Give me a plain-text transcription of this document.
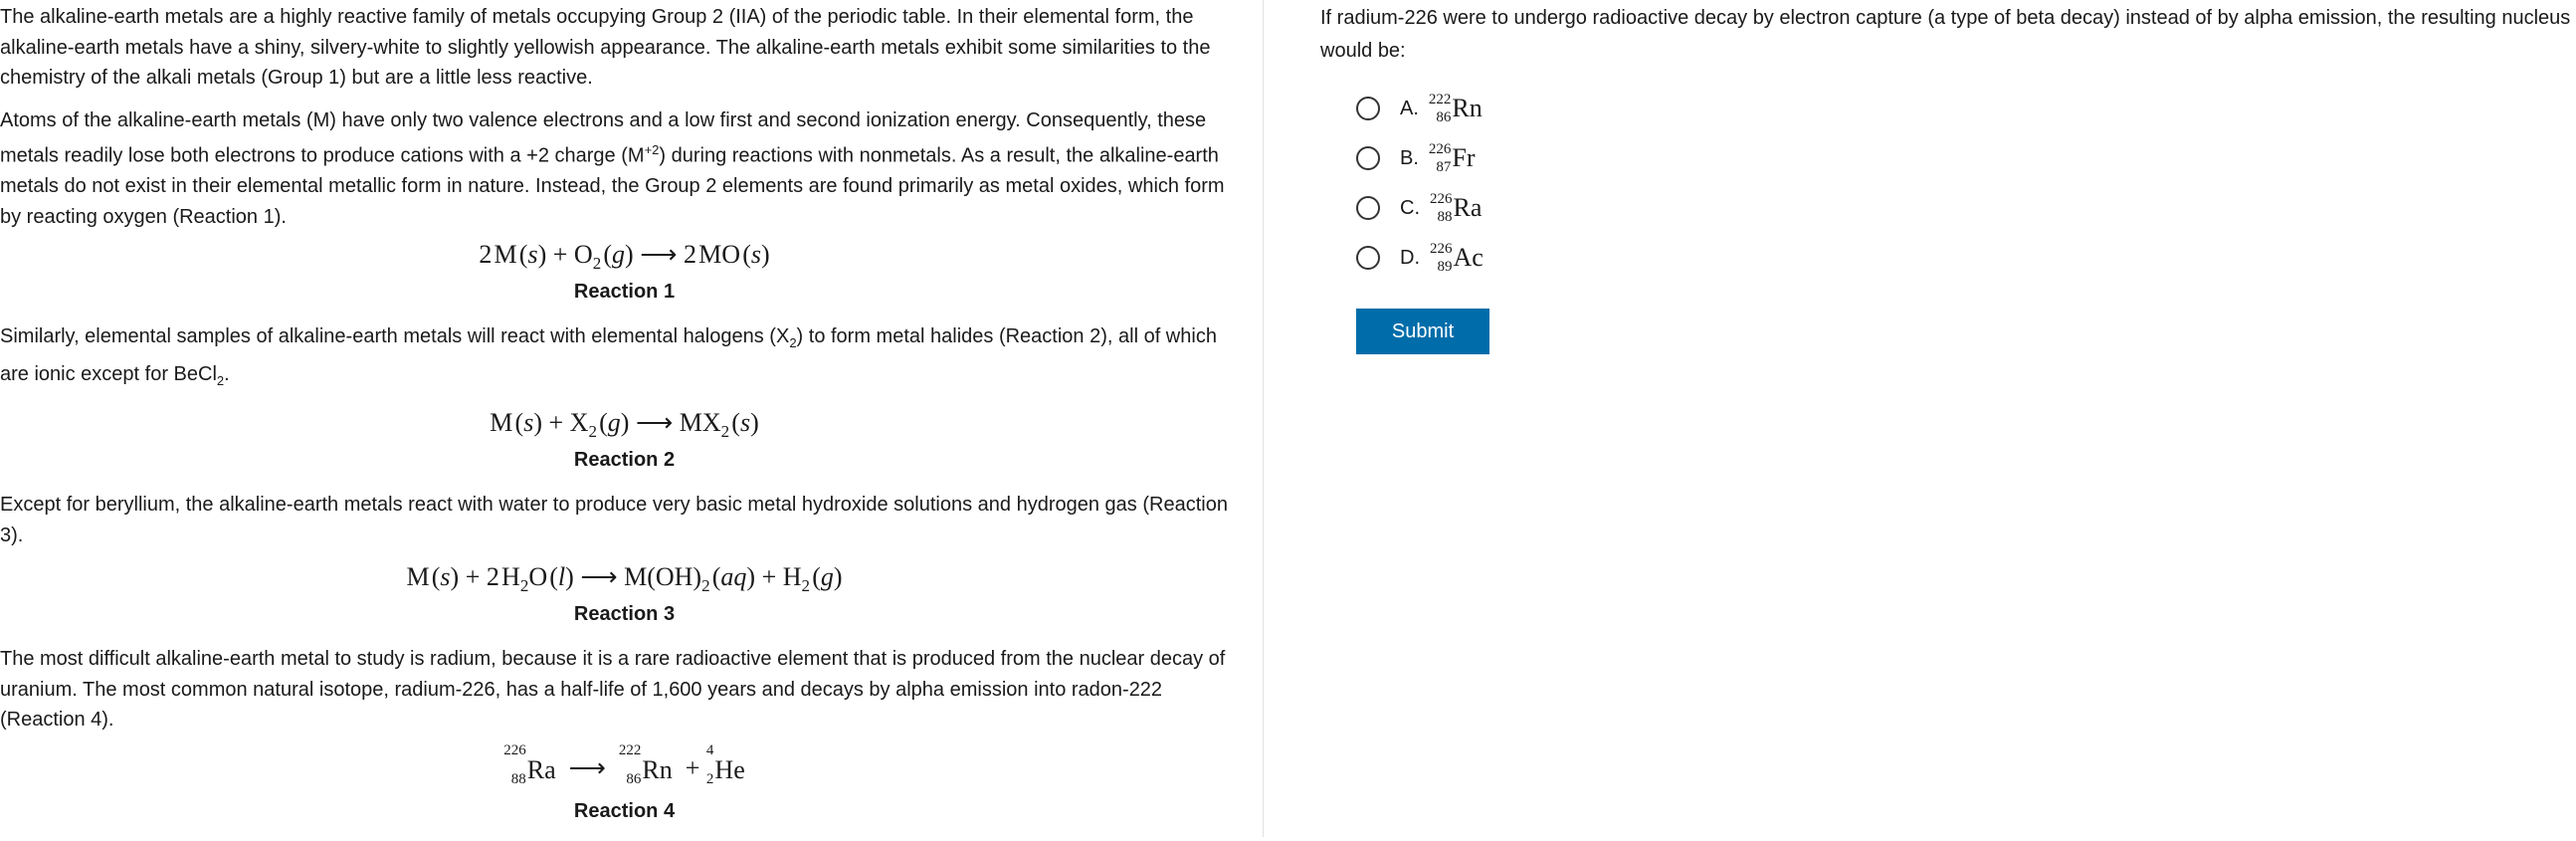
The alkaline-earth metals are a highly reactive family of metals occupying Group 2 (IIA) of the periodic table. In their elemental form, the alkaline-earth metals have a shiny, silvery-white to slightly yellowish appearance. The alkaline-earth metals exhibit some similarities to the chemistry of the alkali metals (Group 1) but are a little less reactive.

Atoms of the alkaline-earth metals (M) have only two valence electrons and a low first and second ionization energy. Consequently, these metals readily lose both electrons to produce cations with a +2 charge $(M^{+2})$ during reactions with nonmetals. As a result, the alkaline-earth metals do not exist in their elemental metallic form in nature. Instead, the Group 2 elements are found primarily as metal oxides, which form by reacting oxygen (Reaction 1).

2 M $(s) + O_2$ (g) ⟶ 2 MO (s)
Reaction 1

Similarly, elemental samples of alkaline-earth metals will react with elemental halogens $(X_2)$ to form metal halides (Reaction 2), all of which are ionic except for BeCl$_2$.

M $(s) + X_2$ (g) ⟶ $MX_2$ (s)
Reaction 2

Except for beryllium, the alkaline-earth metals react with water to produce very basic metal hydroxide solutions and hydrogen gas (Reaction 3).

M (s) + 2 $H_2O$ (l) ⟶ $M(OH)_2$ $(aq) + H_2$ (g)
Reaction 3

The most difficult alkaline-earth metal to study is radium, because it is a rare radioactive element that is produced from the nuclear decay of uranium. The most common natural isotope, radium-226, has a half-life of 1,600 years and decays by alpha emission into radon-222 (Reaction 4).

226
88 Ra ⟶
222
86 Rn +
4
2 He
Reaction 4

If radium-226 were to undergo radioactive decay by electron capture (a type of beta decay) instead of by alpha emission, the resulting nucleus would be:

A. 222
86 Rn
B. 226
87 Fr
C. 226
88 Ra
D. 226
89 Ac
Submit
